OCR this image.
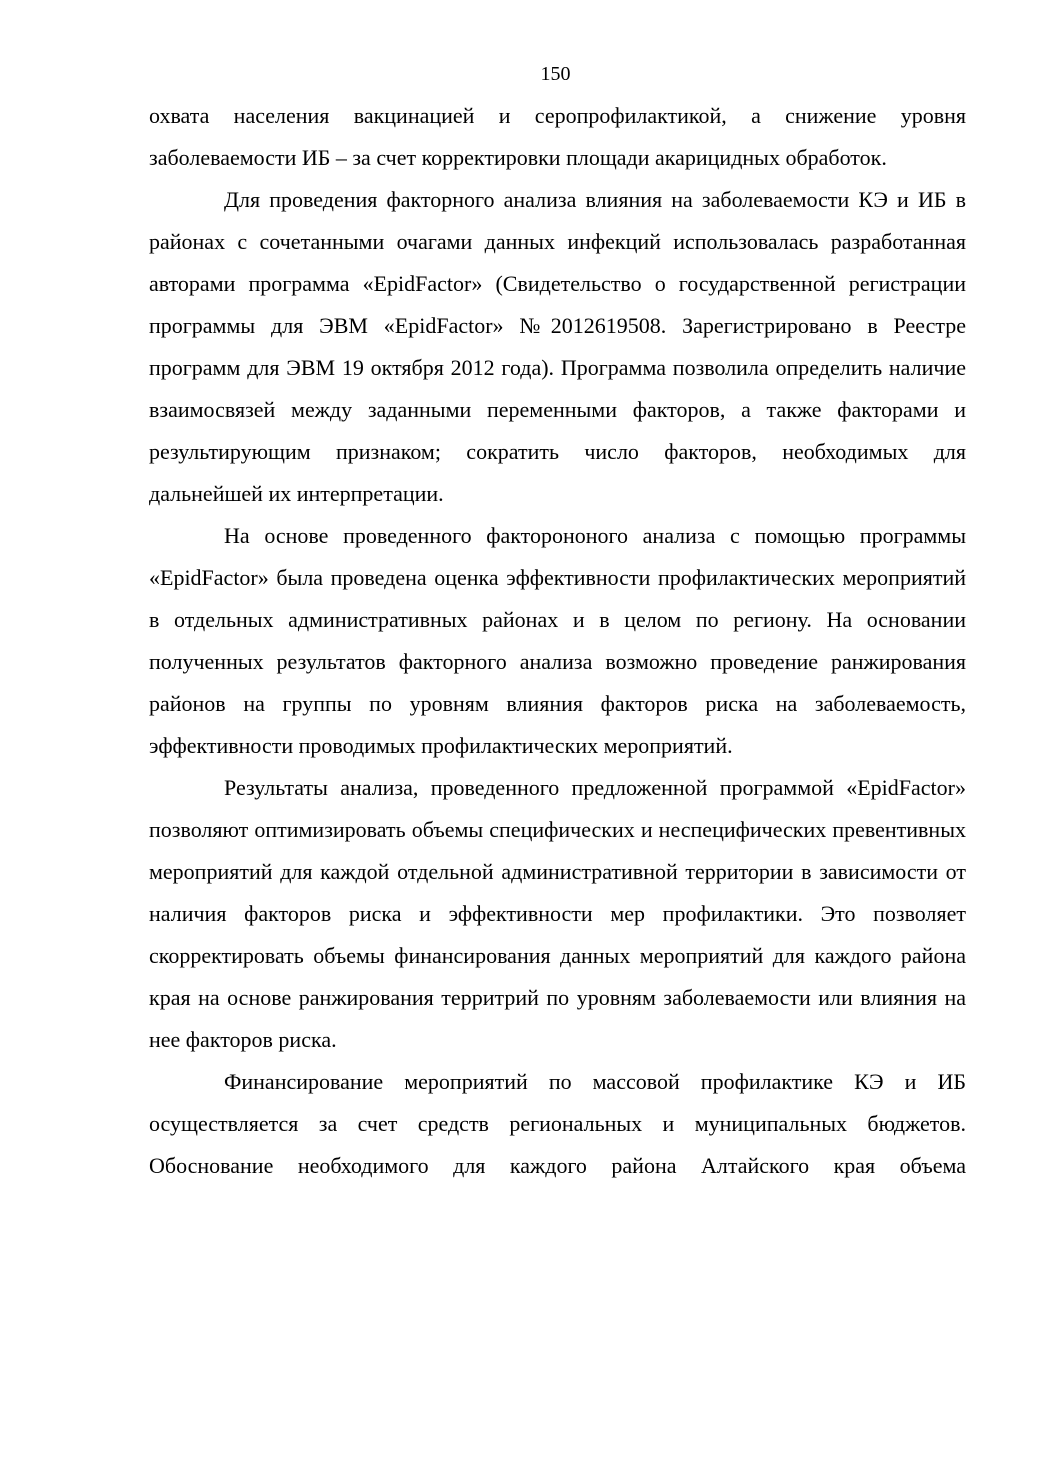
150

охвата населения вакцинацией и серопрофилактикой, а снижение уровня заболеваемости ИБ – за счет корректировки площади акарицидных обработок.

Для проведения факторного анализа влияния на заболеваемости КЭ и ИБ в районах с сочетанными очагами данных инфекций использовалась разработанная авторами программа «EpidFactor» (Свидетельство о государственной регистрации программы для ЭВМ «EpidFactor» №2012619508. Зарегистрировано в Реестре программ для ЭВМ 19 октября 2012 года). Программа позволила определить наличие взаимосвязей между заданными переменными факторов, а также факторами и результирующим признаком; сократить число факторов, необходимых для дальнейшей их интерпретации.

На основе проведенного факторононого анализа с помощью программы «EpidFactor» была проведена оценка эффективности профилактических мероприятий в отдельных административных районах и в целом по региону. На основании полученных результатов факторного анализа возможно проведение ранжирования районов на группы по уровням влияния факторов риска на заболеваемость, эффективности проводимых профилактических мероприятий.

Результаты анализа, проведенного предложенной программой «EpidFactor» позволяют оптимизировать объемы специфических и неспецифических превентивных мероприятий для каждой отдельной административной территории в зависимости от наличия факторов риска и эффективности мер профилактики. Это позволяет скорректировать объемы финансирования данных мероприятий для каждого района края на основе ранжирования территрий по уровням заболеваемости или влияния на нее факторов риска.

Финансирование мероприятий по массовой профилактике КЭ и ИБ осуществляется за счет средств региональных и муниципальных бюджетов. Обоснование необходимого для каждого района Алтайского края объема
